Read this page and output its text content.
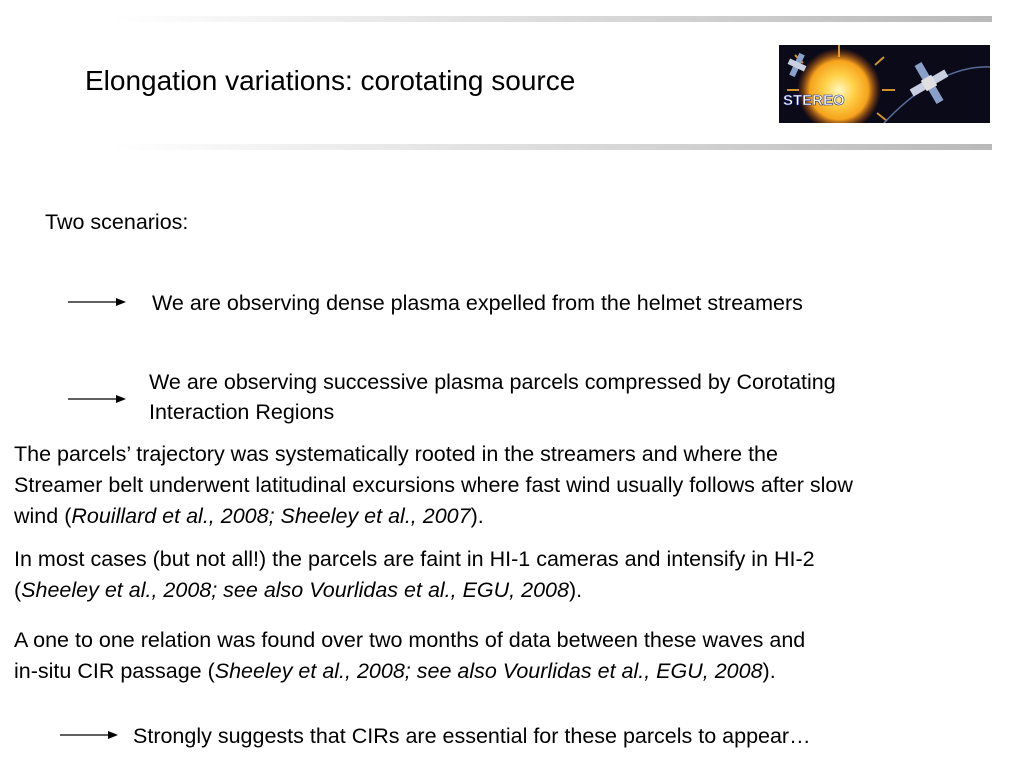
Elongation variations: corotating source
STEREO
Two scenarios:
We are observing dense plasma expelled from the helmet streamers
We are observing successive plasma parcels compressed by Corotating
Interaction Regions
The parcels’ trajectory was systematically rooted in the streamers and where the
Streamer belt underwent latitudinal excursions where fast wind usually follows after slow
wind (Rouillard et al., 2008; Sheeley et al., 2007).
In most cases (but not all!) the parcels are faint in HI-1 cameras and intensify in HI-2
(Sheeley et al., 2008; see also Vourlidas et al., EGU, 2008).
A one to one relation was found over two months of data between these waves and
in-situ CIR passage (Sheeley et al., 2008; see also Vourlidas et al., EGU, 2008).
Strongly suggests that CIRs are essential for these parcels to appear…
